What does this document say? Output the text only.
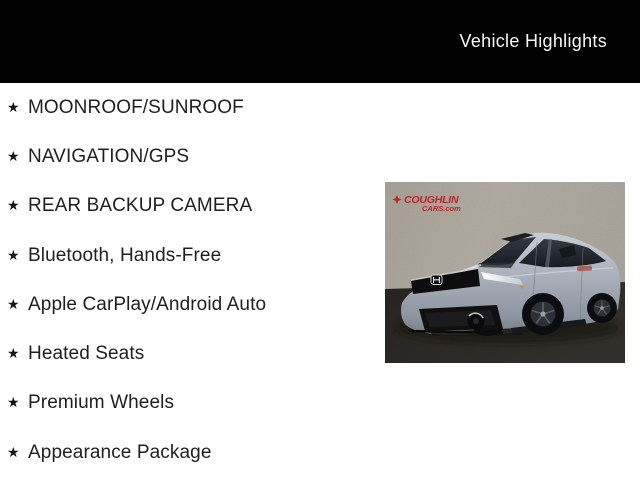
Vehicle Highlights
★ MOONROOF/SUNROOF
★ NAVIGATION/GPS
★ REAR BACKUP CAMERA
★ Bluetooth, Hands-Free
★ Apple CarPlay/Android Auto
★ Heated Seats
★ Premium Wheels
★ Appearance Package
COUGHLIN
CARS.com
